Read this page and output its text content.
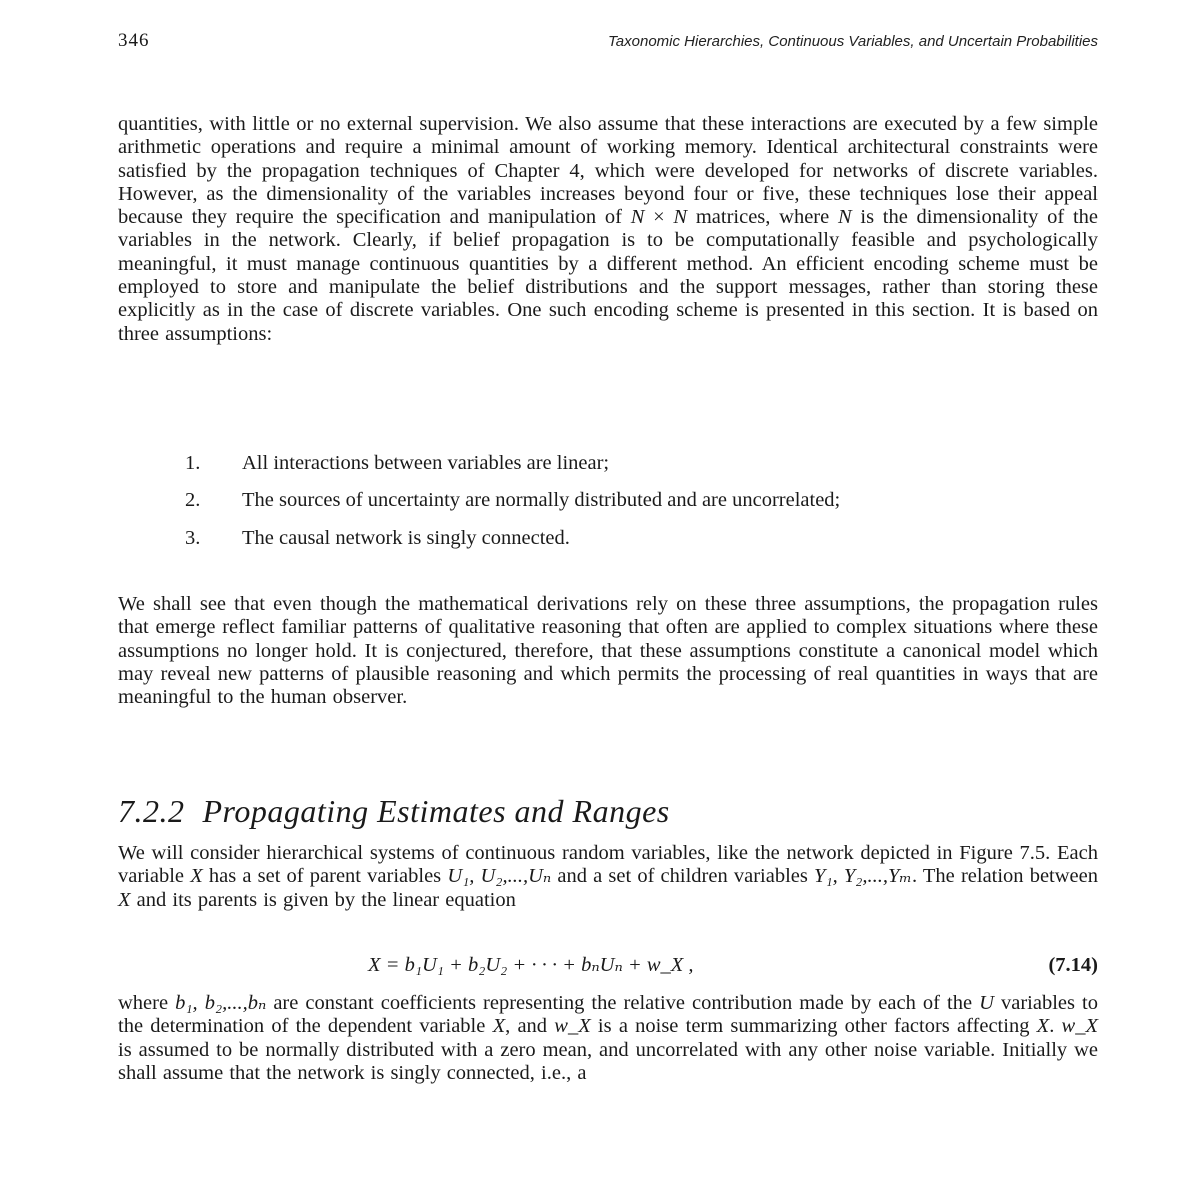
346	Taxonomic Hierarchies, Continuous Variables, and Uncertain Probabilities

quantities, with little or no external supervision. We also assume that these interactions are executed by a few simple arithmetic operations and require a minimal amount of working memory. Identical architectural constraints were satisfied by the propagation techniques of Chapter 4, which were developed for networks of discrete variables. However, as the dimensionality of the variables increases beyond four or five, these techniques lose their appeal because they require the specification and manipulation of N × N matrices, where N is the dimensionality of the variables in the network. Clearly, if belief propagation is to be computationally feasible and psychologically meaningful, it must manage continuous quantities by a different method. An efficient encoding scheme must be employed to store and manipulate the belief distributions and the support messages, rather than storing these explicitly as in the case of discrete variables. One such encoding scheme is presented in this section. It is based on three assumptions:

1. All interactions between variables are linear;
2. The sources of uncertainty are normally distributed and are uncorrelated;
3. The causal network is singly connected.

We shall see that even though the mathematical derivations rely on these three assumptions, the propagation rules that emerge reflect familiar patterns of qualitative reasoning that often are applied to complex situations where these assumptions no longer hold. It is conjectured, therefore, that these assumptions constitute a canonical model which may reveal new patterns of plausible reasoning and which permits the processing of real quantities in ways that are meaningful to the human observer.

7.2.2 Propagating Estimates and Ranges

We will consider hierarchical systems of continuous random variables, like the network depicted in Figure 7.5. Each variable X has a set of parent variables U₁, U₂,...,Uₙ and a set of children variables Y₁, Y₂,...,Yₘ. The relation between X and its parents is given by the linear equation

X = b₁U₁ + b₂U₂ + · · · + bₙUₙ + w_X ,	(7.14)

where b₁, b₂,...,bₙ are constant coefficients representing the relative contribution made by each of the U variables to the determination of the dependent variable X, and w_X is a noise term summarizing other factors affecting X. w_X is assumed to be normally distributed with a zero mean, and uncorrelated with any other noise variable. Initially we shall assume that the network is singly connected, i.e., a
